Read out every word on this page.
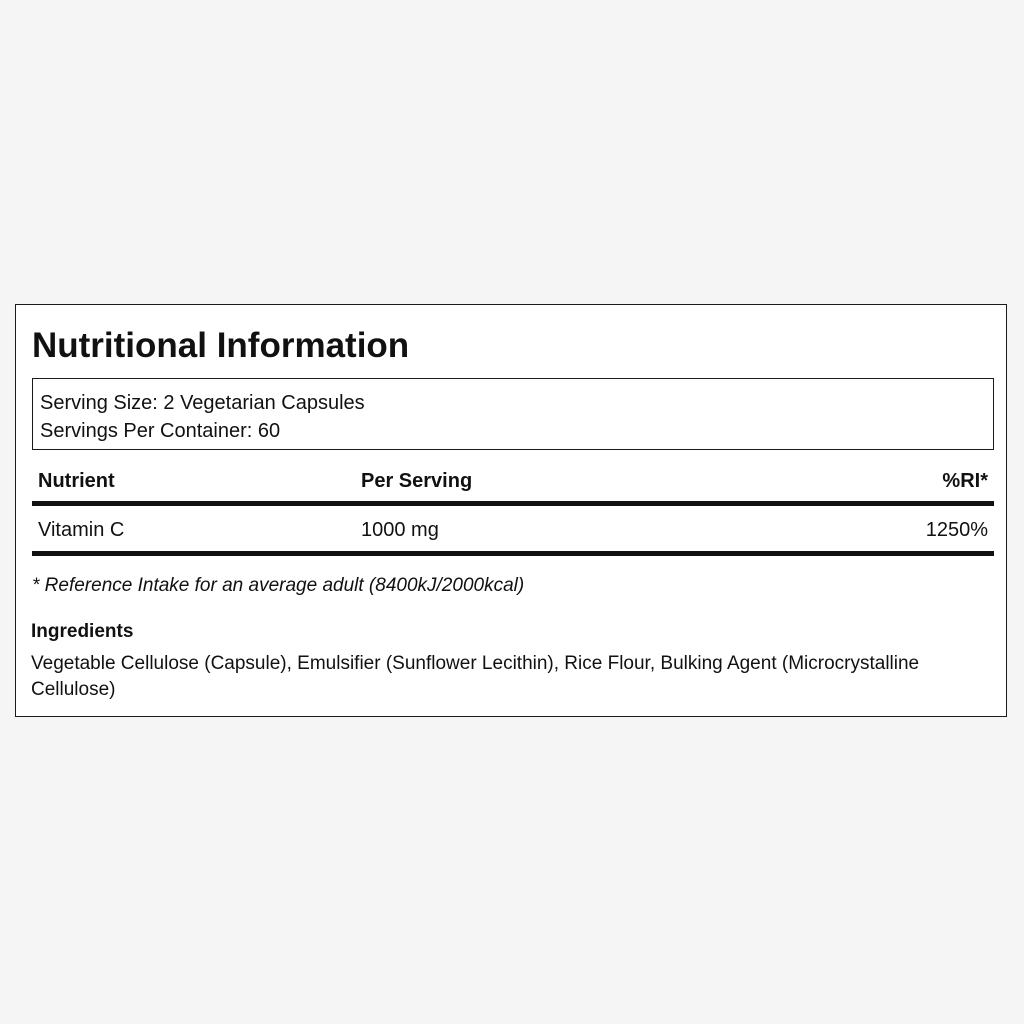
Nutritional Information
Serving Size: 2 Vegetarian Capsules
Servings Per Container: 60
Nutrient	Per Serving	%RI*
Vitamin C	1000 mg	1250%
* Reference Intake for an average adult (8400kJ/2000kcal)
Ingredients
Vegetable Cellulose (Capsule), Emulsifier (Sunflower Lecithin), Rice Flour, Bulking Agent (Microcrystalline Cellulose)
